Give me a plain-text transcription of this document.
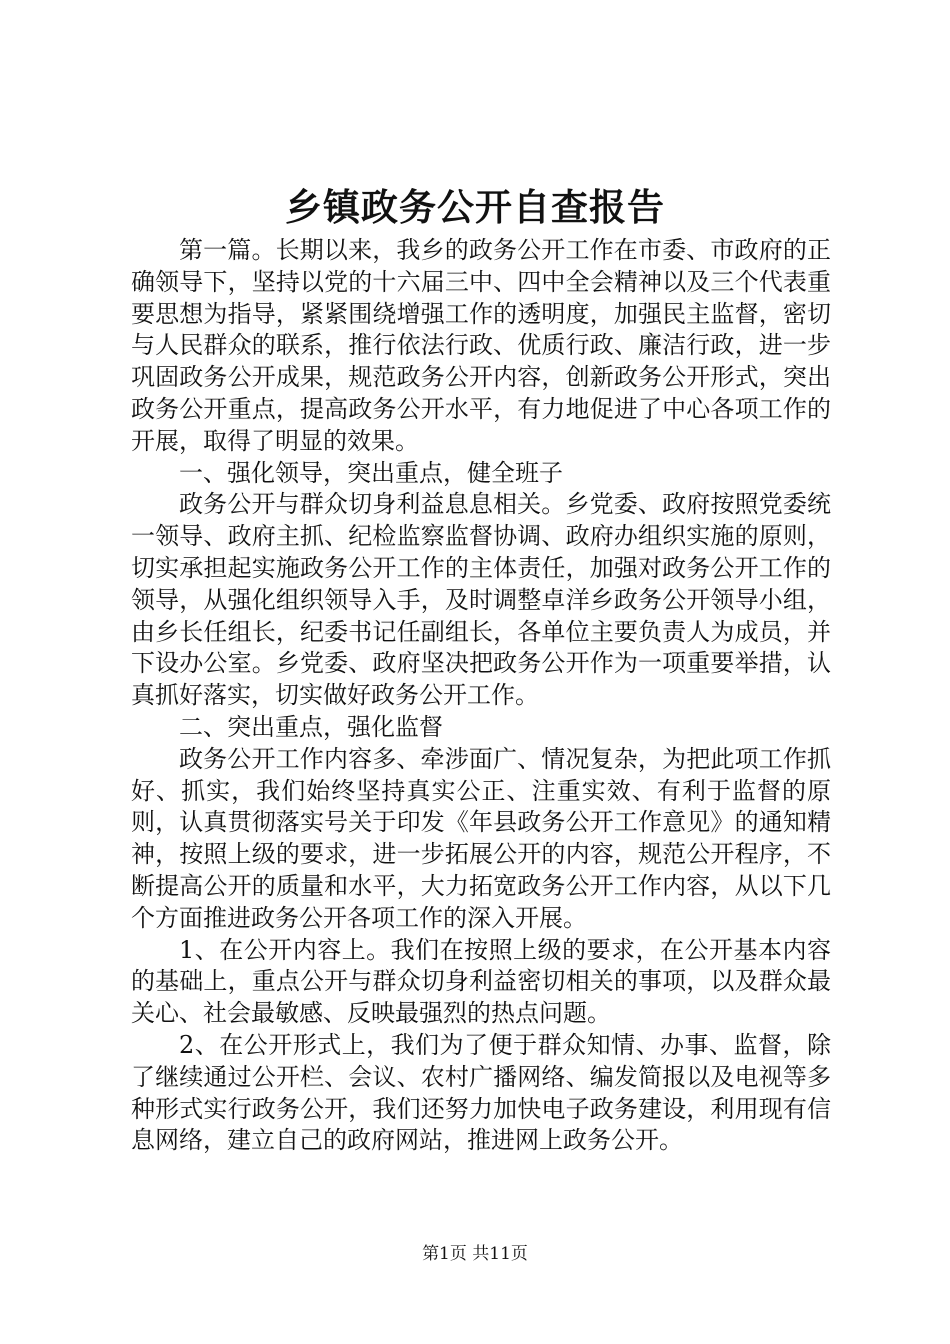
乡镇政务公开自查报告

第一篇。长期以来，我乡的政务公开工作在市委、市政府的正确领导下，坚持以党的十六届三中、四中全会精神以及三个代表重要思想为指导，紧紧围绕增强工作的透明度，加强民主监督，密切与人民群众的联系，推行依法行政、优质行政、廉洁行政，进一步巩固政务公开成果，规范政务公开内容，创新政务公开形式，突出政务公开重点，提高政务公开水平，有力地促进了中心各项工作的开展，取得了明显的效果。

一、强化领导，突出重点，健全班子

政务公开与群众切身利益息息相关。乡党委、政府按照党委统一领导、政府主抓、纪检监察监督协调、政府办组织实施的原则，切实承担起实施政务公开工作的主体责任，加强对政务公开工作的领导，从强化组织领导入手，及时调整卓洋乡政务公开领导小组，由乡长任组长，纪委书记任副组长，各单位主要负责人为成员，并下设办公室。乡党委、政府坚决把政务公开作为一项重要举措，认真抓好落实，切实做好政务公开工作。

二、突出重点，强化监督

政务公开工作内容多、牵涉面广、情况复杂，为把此项工作抓好、抓实，我们始终坚持真实公正、注重实效、有利于监督的原则，认真贯彻落实号关于印发《年县政务公开工作意见》的通知精神，按照上级的要求，进一步拓展公开的内容，规范公开程序，不断提高公开的质量和水平，大力拓宽政务公开工作内容，从以下几个方面推进政务公开各项工作的深入开展。

1、在公开内容上。我们在按照上级的要求，在公开基本内容的基础上，重点公开与群众切身利益密切相关的事项，以及群众最关心、社会最敏感、反映最强烈的热点问题。

2、在公开形式上，我们为了便于群众知情、办事、监督，除了继续通过公开栏、会议、农村广播网络、编发简报以及电视等多种形式实行政务公开，我们还努力加快电子政务建设，利用现有信息网络，建立自己的政府网站，推进网上政务公开。

第1页 共11页
